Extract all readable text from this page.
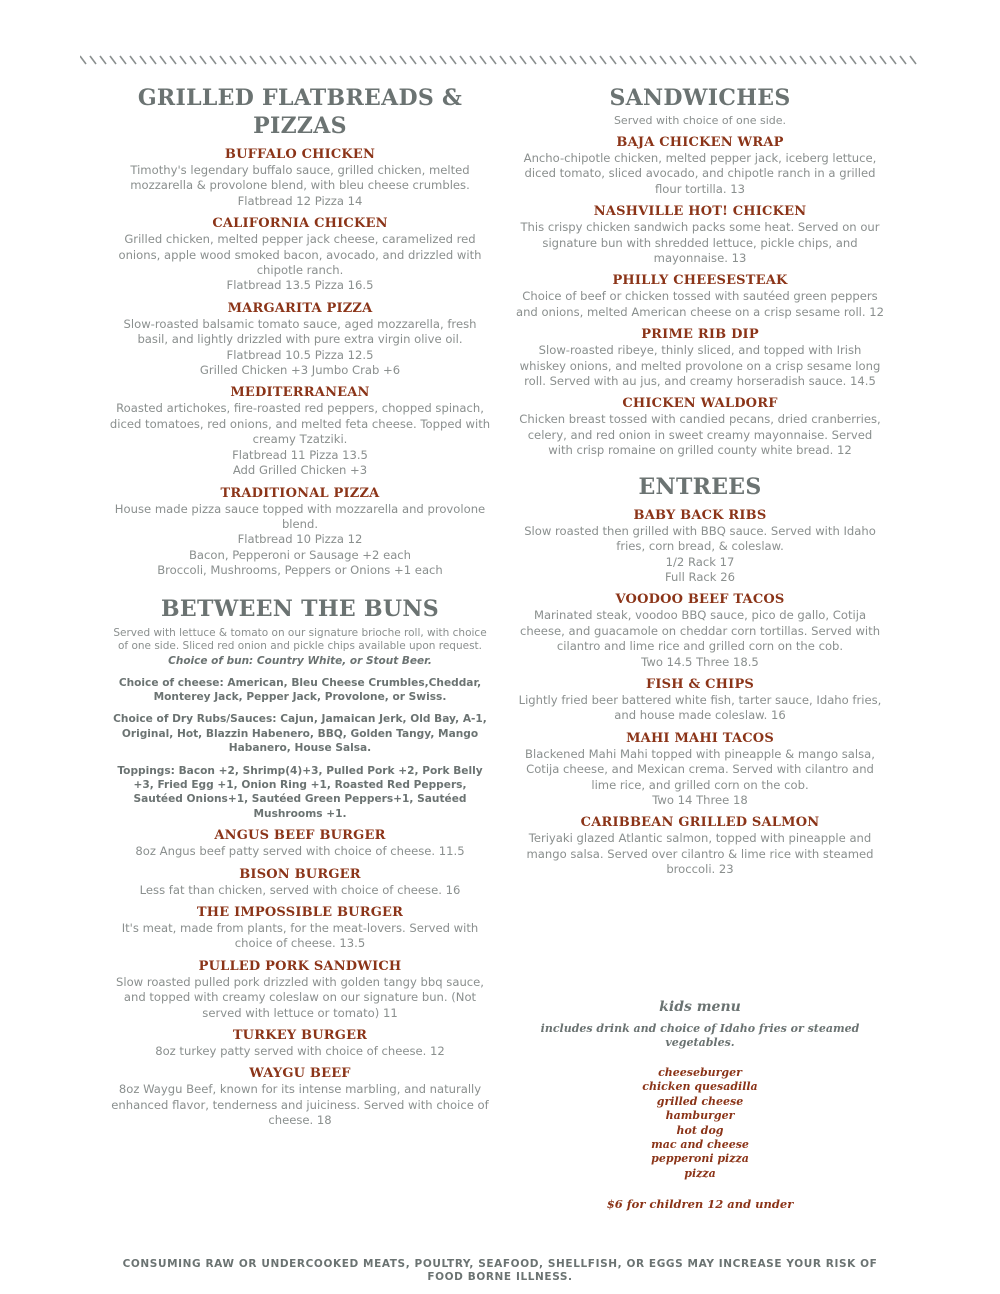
GRILLED FLATBREADS & PIZZAS
BUFFALO CHICKEN
Timothy's legendary buffalo sauce, grilled chicken, melted mozzarella & provolone blend, with bleu cheese crumbles.
Flatbread 12 Pizza 14
CALIFORNIA CHICKEN
Grilled chicken, melted pepper jack cheese, caramelized red onions, apple wood smoked bacon, avocado, and drizzled with chipotle ranch.
Flatbread 13.5 Pizza 16.5
MARGARITA PIZZA
Slow-roasted balsamic tomato sauce, aged mozzarella, fresh basil, and lightly drizzled with pure extra virgin olive oil.
Flatbread 10.5 Pizza 12.5
Grilled Chicken +3 Jumbo Crab +6
MEDITERRANEAN
Roasted artichokes, fire-roasted red peppers, chopped spinach, diced tomatoes, red onions, and melted feta cheese. Topped with creamy Tzatziki.
Flatbread 11 Pizza 13.5
Add Grilled Chicken +3
TRADITIONAL PIZZA
House made pizza sauce topped with mozzarella and provolone blend.
Flatbread 10 Pizza 12
Bacon, Pepperoni or Sausage +2 each
Broccoli, Mushrooms, Peppers or Onions +1 each
BETWEEN THE BUNS
Served with lettuce & tomato on our signature brioche roll, with choice of one side. Sliced red onion and pickle chips available upon request.
Choice of bun: Country White, or Stout Beer.
Choice of cheese: American, Bleu Cheese Crumbles,Cheddar, Monterey Jack, Pepper Jack, Provolone, or Swiss.
Choice of Dry Rubs/Sauces: Cajun, Jamaican Jerk, Old Bay, A-1, Original, Hot, Blazzin Habenero, BBQ, Golden Tangy, Mango Habanero, House Salsa.
Toppings: Bacon +2, Shrimp(4)+3, Pulled Pork +2, Pork Belly +3, Fried Egg +1, Onion Ring +1, Roasted Red Peppers, Sautéed Onions+1, Sautéed Green Peppers+1, Sautéed Mushrooms +1.
ANGUS BEEF BURGER
8oz Angus beef patty served with choice of cheese. 11.5
BISON BURGER
Less fat than chicken, served with choice of cheese. 16
THE IMPOSSIBLE BURGER
It's meat, made from plants, for the meat-lovers. Served with choice of cheese. 13.5
PULLED PORK SANDWICH
Slow roasted pulled pork drizzled with golden tangy bbq sauce, and topped with creamy coleslaw on our signature bun. (Not served with lettuce or tomato) 11
TURKEY BURGER
8oz turkey patty served with choice of cheese. 12
WAYGU BEEF
8oz Waygu Beef, known for its intense marbling, and naturally enhanced flavor, tenderness and juiciness. Served with choice of cheese. 18
SANDWICHES
Served with choice of one side.
BAJA CHICKEN WRAP
Ancho-chipotle chicken, melted pepper jack, iceberg lettuce, diced tomato, sliced avocado, and chipotle ranch in a grilled flour tortilla. 13
NASHVILLE HOT! CHICKEN
This crispy chicken sandwich packs some heat. Served on our signature bun with shredded lettuce, pickle chips, and mayonnaise. 13
PHILLY CHEESESTEAK
Choice of beef or chicken tossed with sautéed green peppers and onions, melted American cheese on a crisp sesame roll. 12
PRIME RIB DIP
Slow-roasted ribeye, thinly sliced, and topped with Irish whiskey onions, and melted provolone on a crisp sesame long roll. Served with au jus, and creamy horseradish sauce. 14.5
CHICKEN WALDORF
Chicken breast tossed with candied pecans, dried cranberries, celery, and red onion in sweet creamy mayonnaise. Served with crisp romaine on grilled county white bread. 12
ENTREES
BABY BACK RIBS
Slow roasted then grilled with BBQ sauce. Served with Idaho fries, corn bread, & coleslaw.
1/2 Rack 17
Full Rack 26
VOODOO BEEF TACOS
Marinated steak, voodoo BBQ sauce, pico de gallo, Cotija cheese, and guacamole on cheddar corn tortillas. Served with cilantro and lime rice and grilled corn on the cob.
Two 14.5 Three 18.5
FISH & CHIPS
Lightly fried beer battered white fish, tarter sauce, Idaho fries, and house made coleslaw. 16
MAHI MAHI TACOS
Blackened Mahi Mahi topped with pineapple & mango salsa, Cotija cheese, and Mexican crema. Served with cilantro and lime rice, and grilled corn on the cob.
Two 14 Three 18
CARIBBEAN GRILLED SALMON
Teriyaki glazed Atlantic salmon, topped with pineapple and mango salsa. Served over cilantro & lime rice with steamed broccoli. 23
kids menu
includes drink and choice of Idaho fries or steamed vegetables.
cheeseburger
chicken quesadilla
grilled cheese
hamburger
hot dog
mac and cheese
pepperoni pizza
pizza
$6 for children 12 and under
CONSUMING RAW OR UNDERCOOKED MEATS, POULTRY, SEAFOOD, SHELLFISH, OR EGGS MAY INCREASE YOUR RISK OF FOOD BORNE ILLNESS.
